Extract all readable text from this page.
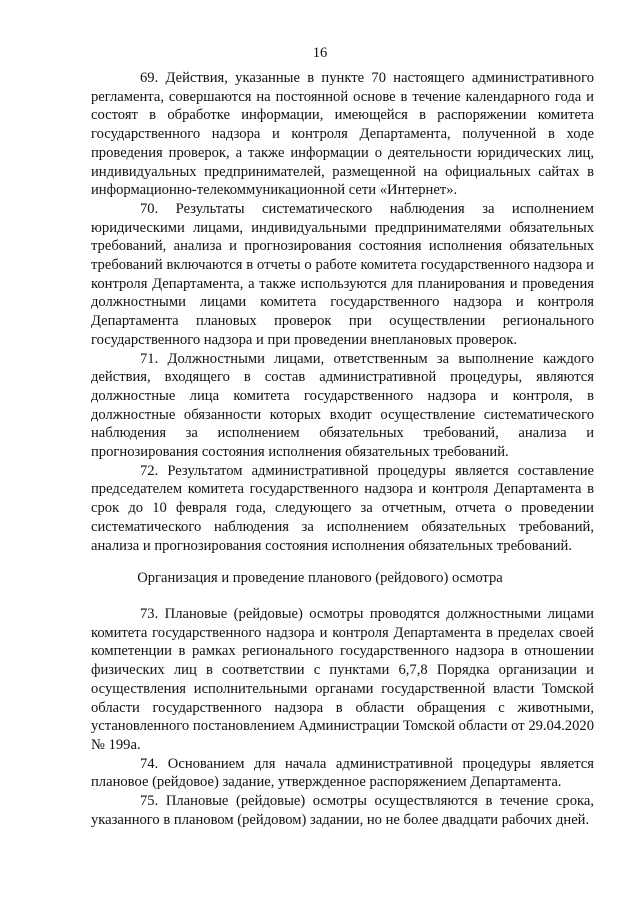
16

69. Действия, указанные в пункте 70 настоящего административного регламента, совершаются на постоянной основе в течение календарного года и состоят в обработке информации, имеющейся в распоряжении комитета государственного надзора и контроля Департамента, полученной в ходе проведения проверок, а также информации о деятельности юридических лиц, индивидуальных предпринимателей, размещенной на официальных сайтах в информационно-телекоммуникационной сети «Интернет».

70. Результаты систематического наблюдения за исполнением юридическими лицами, индивидуальными предпринимателями обязательных требований, анализа и прогнозирования состояния исполнения обязательных требований включаются в отчеты о работе комитета государственного надзора и контроля Департамента, а также используются для планирования и проведения должностными лицами комитета государственного надзора и контроля Департамента плановых проверок при осуществлении регионального государственного надзора и при проведении внеплановых проверок.

71. Должностными лицами, ответственным за выполнение каждого действия, входящего в состав административной процедуры, являются должностные лица комитета государственного надзора и контроля, в должностные обязанности которых входит осуществление систематического наблюдения за исполнением обязательных требований, анализа и прогнозирования состояния исполнения обязательных требований.

72. Результатом административной процедуры является составление председателем комитета государственного надзора и контроля Департамента в срок до 10 февраля года, следующего за отчетным, отчета о проведении систематического наблюдения за исполнением обязательных требований, анализа и прогнозирования состояния исполнения обязательных требований.

Организация и проведение планового (рейдового) осмотра

73. Плановые (рейдовые) осмотры проводятся должностными лицами комитета государственного надзора и контроля Департамента в пределах своей компетенции в рамках регионального государственного надзора в отношении физических лиц в соответствии с пунктами 6,7,8 Порядка организации и осуществления исполнительными органами государственной власти Томской области государственного надзора в области обращения с животными, установленного постановлением Администрации Томской области от 29.04.2020 № 199а.

74. Основанием для начала административной процедуры является плановое (рейдовое) задание, утвержденное распоряжением Департамента.

75. Плановые (рейдовые) осмотры осуществляются в течение срока, указанного в плановом (рейдовом) задании, но не более двадцати рабочих дней.
